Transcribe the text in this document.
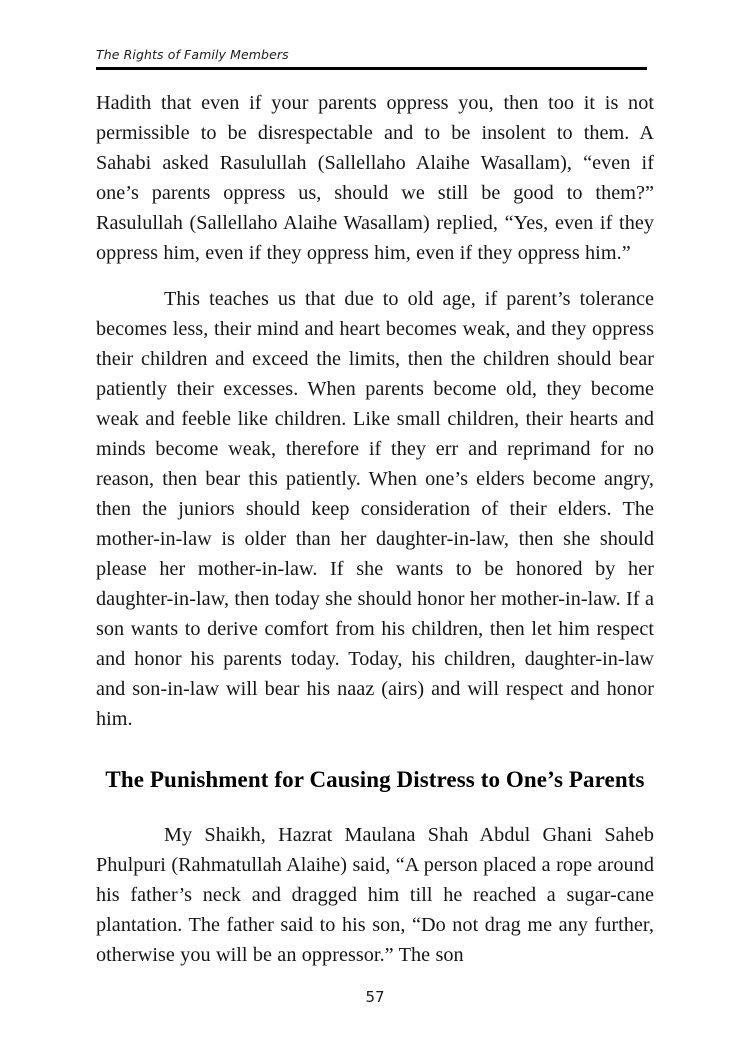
The Rights of Family Members

Hadith that even if your parents oppress you, then too it is not permissible to be disrespectable and to be insolent to them. A Sahabi asked Rasulullah (Sallellaho Alaihe Wasallam), “even if one’s parents oppress us, should we still be good to them?” Rasulullah (Sallellaho Alaihe Wasallam) replied, “Yes, even if they oppress him, even if they oppress him, even if they oppress him.”

This teaches us that due to old age, if parent’s tolerance becomes less, their mind and heart becomes weak, and they oppress their children and exceed the limits, then the children should bear patiently their excesses. When parents become old, they become weak and feeble like children. Like small children, their hearts and minds become weak, therefore if they err and reprimand for no reason, then bear this patiently. When one’s elders become angry, then the juniors should keep consideration of their elders. The mother-in-law is older than her daughter-in-law, then she should please her mother-in-law. If she wants to be honored by her daughter-in-law, then today she should honor her mother-in-law. If a son wants to derive comfort from his children, then let him respect and honor his parents today. Today, his children, daughter-in-law and son-in-law will bear his naaz (airs) and will respect and honor him.

The Punishment for Causing Distress to One’s Parents

My Shaikh, Hazrat Maulana Shah Abdul Ghani Saheb Phulpuri (Rahmatullah Alaihe) said, “A person placed a rope around his father’s neck and dragged him till he reached a sugar-cane plantation. The father said to his son, “Do not drag me any further, otherwise you will be an oppressor.” The son

57
